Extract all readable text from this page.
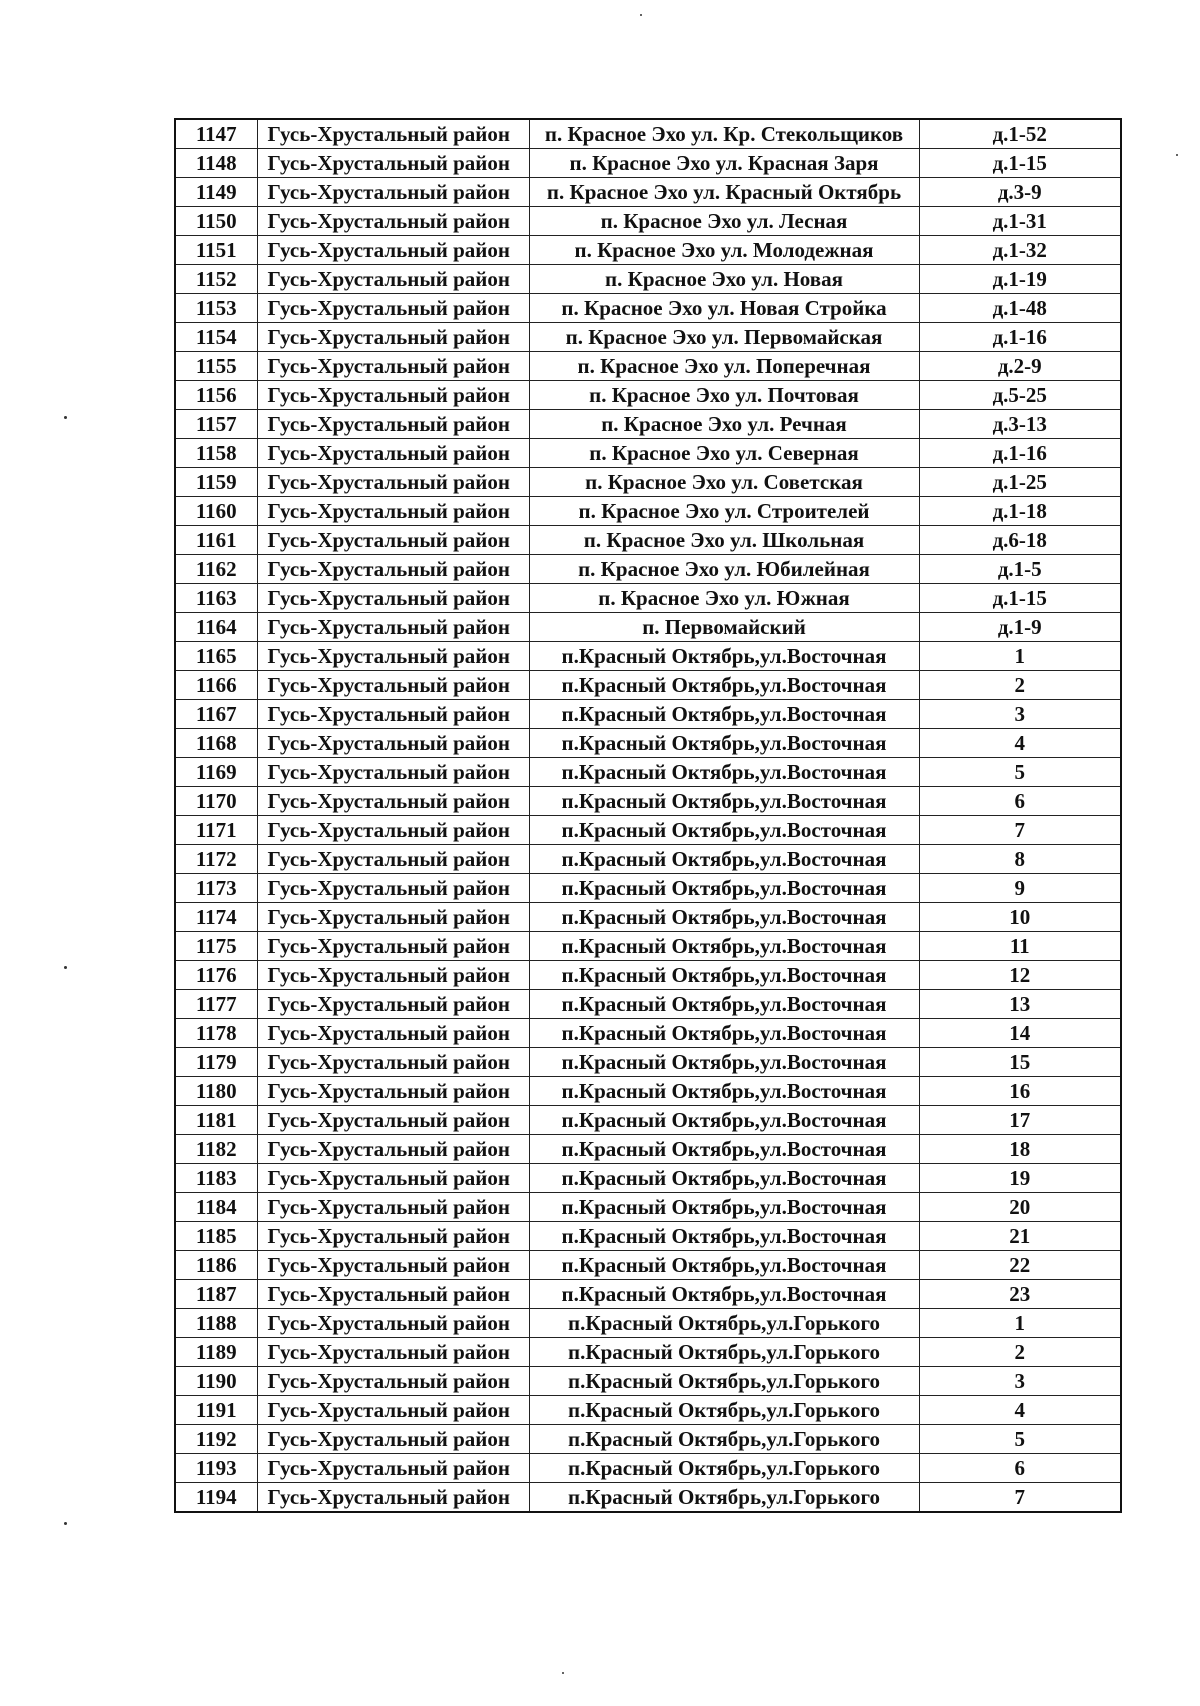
1147	Гусь-Хрустальный район	п. Красное Эхо ул. Кр. Стекольщиков	д.1-52
1148	Гусь-Хрустальный район	п. Красное Эхо ул. Красная Заря	д.1-15
1149	Гусь-Хрустальный район	п. Красное Эхо ул. Красный Октябрь	д.3-9
1150	Гусь-Хрустальный район	п. Красное Эхо ул. Лесная	д.1-31
1151	Гусь-Хрустальный район	п. Красное Эхо ул. Молодежная	д.1-32
1152	Гусь-Хрустальный район	п. Красное Эхо ул. Новая	д.1-19
1153	Гусь-Хрустальный район	п. Красное Эхо ул. Новая Стройка	д.1-48
1154	Гусь-Хрустальный район	п. Красное Эхо ул. Первомайская	д.1-16
1155	Гусь-Хрустальный район	п. Красное Эхо ул. Поперечная	д.2-9
1156	Гусь-Хрустальный район	п. Красное Эхо ул. Почтовая	д.5-25
1157	Гусь-Хрустальный район	п. Красное Эхо ул. Речная	д.3-13
1158	Гусь-Хрустальный район	п. Красное Эхо ул. Северная	д.1-16
1159	Гусь-Хрустальный район	п. Красное Эхо ул. Советская	д.1-25
1160	Гусь-Хрустальный район	п. Красное Эхо ул. Строителей	д.1-18
1161	Гусь-Хрустальный район	п. Красное Эхо ул. Школьная	д.6-18
1162	Гусь-Хрустальный район	п. Красное Эхо ул. Юбилейная	д.1-5
1163	Гусь-Хрустальный район	п. Красное Эхо ул. Южная	д.1-15
1164	Гусь-Хрустальный район	п. Первомайский	д.1-9
1165	Гусь-Хрустальный район	п.Красный Октябрь,ул.Восточная	1
1166	Гусь-Хрустальный район	п.Красный Октябрь,ул.Восточная	2
1167	Гусь-Хрустальный район	п.Красный Октябрь,ул.Восточная	3
1168	Гусь-Хрустальный район	п.Красный Октябрь,ул.Восточная	4
1169	Гусь-Хрустальный район	п.Красный Октябрь,ул.Восточная	5
1170	Гусь-Хрустальный район	п.Красный Октябрь,ул.Восточная	6
1171	Гусь-Хрустальный район	п.Красный Октябрь,ул.Восточная	7
1172	Гусь-Хрустальный район	п.Красный Октябрь,ул.Восточная	8
1173	Гусь-Хрустальный район	п.Красный Октябрь,ул.Восточная	9
1174	Гусь-Хрустальный район	п.Красный Октябрь,ул.Восточная	10
1175	Гусь-Хрустальный район	п.Красный Октябрь,ул.Восточная	11
1176	Гусь-Хрустальный район	п.Красный Октябрь,ул.Восточная	12
1177	Гусь-Хрустальный район	п.Красный Октябрь,ул.Восточная	13
1178	Гусь-Хрустальный район	п.Красный Октябрь,ул.Восточная	14
1179	Гусь-Хрустальный район	п.Красный Октябрь,ул.Восточная	15
1180	Гусь-Хрустальный район	п.Красный Октябрь,ул.Восточная	16
1181	Гусь-Хрустальный район	п.Красный Октябрь,ул.Восточная	17
1182	Гусь-Хрустальный район	п.Красный Октябрь,ул.Восточная	18
1183	Гусь-Хрустальный район	п.Красный Октябрь,ул.Восточная	19
1184	Гусь-Хрустальный район	п.Красный Октябрь,ул.Восточная	20
1185	Гусь-Хрустальный район	п.Красный Октябрь,ул.Восточная	21
1186	Гусь-Хрустальный район	п.Красный Октябрь,ул.Восточная	22
1187	Гусь-Хрустальный район	п.Красный Октябрь,ул.Восточная	23
1188	Гусь-Хрустальный район	п.Красный Октябрь,ул.Горького	1
1189	Гусь-Хрустальный район	п.Красный Октябрь,ул.Горького	2
1190	Гусь-Хрустальный район	п.Красный Октябрь,ул.Горького	3
1191	Гусь-Хрустальный район	п.Красный Октябрь,ул.Горького	4
1192	Гусь-Хрустальный район	п.Красный Октябрь,ул.Горького	5
1193	Гусь-Хрустальный район	п.Красный Октябрь,ул.Горького	6
1194	Гусь-Хрустальный район	п.Красный Октябрь,ул.Горького	7
